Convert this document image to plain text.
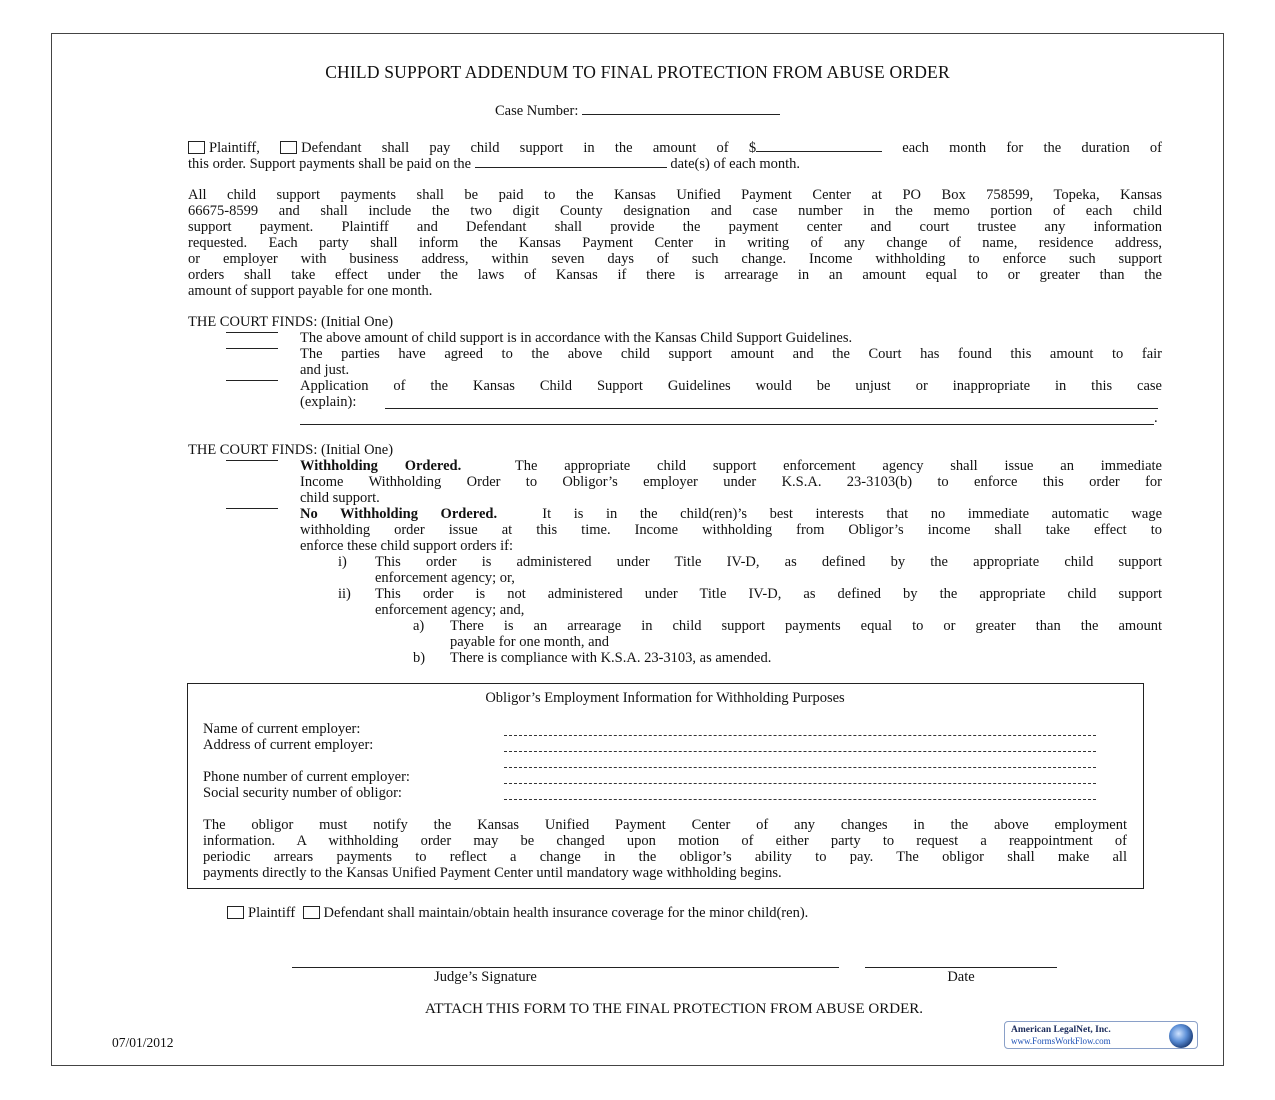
CHILD SUPPORT ADDENDUM TO FINAL PROTECTION FROM ABUSE ORDER
Case Number:
Plaintiff,	Defendant shall pay child support in the amount of $	each month for the duration of
this order. Support payments shall be paid on the	date(s) of each month.
All child support payments shall be paid to the Kansas Unified Payment Center at PO Box 758599, Topeka, Kansas
66675-8599 and shall include the two digit County designation and case number in the memo portion of each child
support payment. Plaintiff and Defendant shall provide the payment center and court trustee any information
requested. Each party shall inform the Kansas Payment Center in writing of any change of name, residence address,
or employer with business address, within seven days of such change. Income withholding to enforce such support
orders shall take effect under the laws of Kansas if there is arrearage in an amount equal to or greater than the
amount of support payable for one month.
THE COURT FINDS: (Initial One)
The above amount of child support is in accordance with the Kansas Child Support Guidelines.
The parties have agreed to the above child support amount and the Court has found this amount to fair
and just.
Application of the Kansas Child Support Guidelines would be unjust or inappropriate in this case
(explain):
.
THE COURT FINDS: (Initial One)
Withholding Ordered.	The appropriate child support enforcement agency shall issue an immediate
Income Withholding Order to Obligor’s employer under K.S.A. 23-3103(b) to enforce this order for
child support.
No Withholding Ordered.	It is in the child(ren)’s best interests that no immediate automatic wage
withholding order issue at this time. Income withholding from Obligor’s income shall take effect to
enforce these child support orders if:
i) This order is administered under Title IV-D, as defined by the appropriate child support
enforcement agency; or,
ii) This order is not administered under Title IV-D, as defined by the appropriate child support
enforcement agency; and,
a) There is an arrearage in child support payments equal to or greater than the amount
payable for one month, and
b) There is compliance with K.S.A. 23-3103, as amended.
Obligor’s Employment Information for Withholding Purposes
Name of current employer:
Address of current employer:
Phone number of current employer:
Social security number of obligor:
The obligor must notify the Kansas Unified Payment Center of any changes in the above employment
information. A withholding order may be changed upon motion of either party to request a reappointment of
periodic arrears payments to reflect a change in the obligor’s ability to pay. The obligor shall make all
payments directly to the Kansas Unified Payment Center until mandatory wage withholding begins.
Plaintiff Defendant shall maintain/obtain health insurance coverage for the minor child(ren).
Judge’s Signature	Date
ATTACH THIS FORM TO THE FINAL PROTECTION FROM ABUSE ORDER.
07/01/2012
American LegalNet, Inc.
www.FormsWorkFlow.com
